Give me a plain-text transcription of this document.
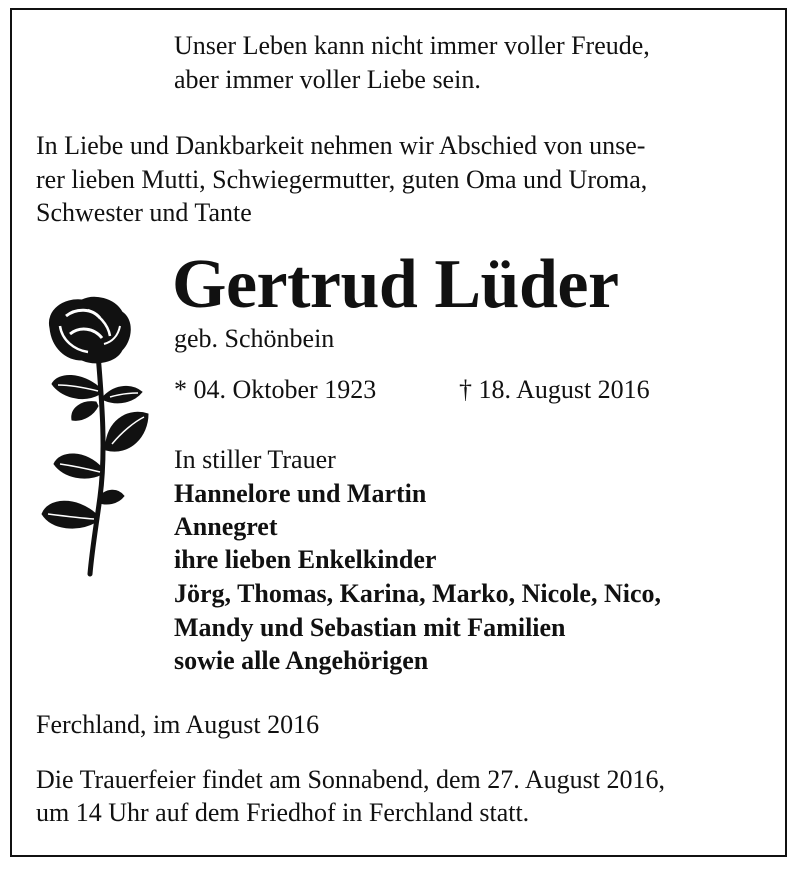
Unser Leben kann nicht immer voller Freude,
aber immer voller Liebe sein.
In Liebe und Dankbarkeit nehmen wir Abschied von unse-
rer lieben Mutti, Schwiegermutter, guten Oma und Uroma,
Schwester und Tante
Gertrud Lüder
geb. Schönbein
* 04. Oktober 1923	† 18. August 2016
In stiller Trauer
Hannelore und Martin
Annegret
ihre lieben Enkelkinder
Jörg, Thomas, Karina, Marko, Nicole, Nico,
Mandy und Sebastian mit Familien
sowie alle Angehörigen
Ferchland, im August 2016
Die Trauerfeier findet am Sonnabend, dem 27. August 2016,
um 14 Uhr auf dem Friedhof in Ferchland statt.
